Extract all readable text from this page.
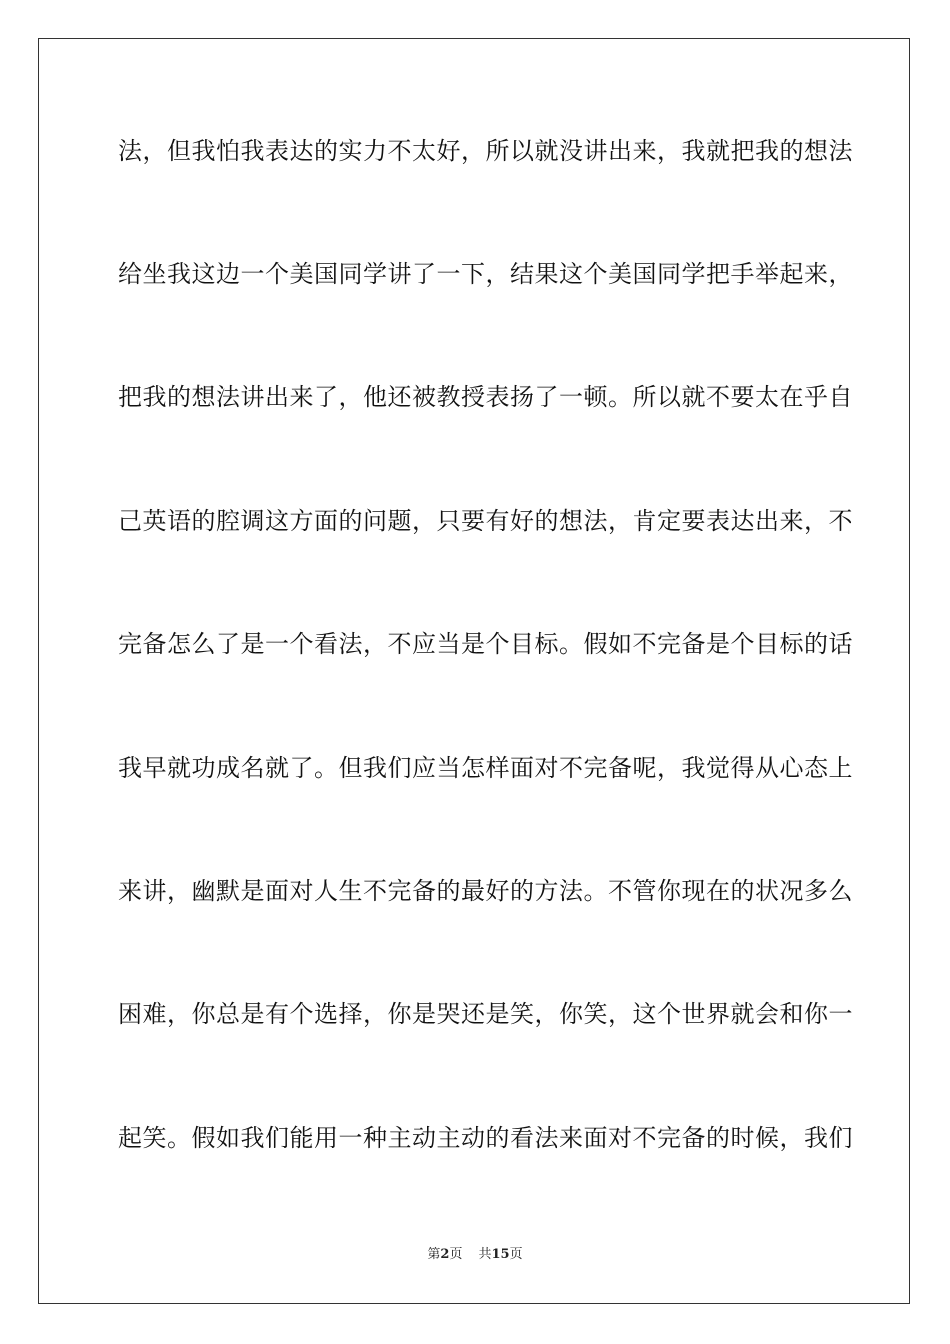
法，但我怕我表达的实力不太好，所以就没讲出来，我就把我的想法
给坐我这边一个美国同学讲了一下，结果这个美国同学把手举起来，
把我的想法讲出来了，他还被教授表扬了一顿。所以就不要太在乎自
己英语的腔调这方面的问题，只要有好的想法，肯定要表达出来，不
完备怎么了是一个看法，不应当是个目标。假如不完备是个目标的话
我早就功成名就了。但我们应当怎样面对不完备呢，我觉得从心态上
来讲，幽默是面对人生不完备的最好的方法。不管你现在的状况多么
困难，你总是有个选择，你是哭还是笑，你笑，这个世界就会和你一
起笑。假如我们能用一种主动主动的看法来面对不完备的时候，我们
第2页 共15页
